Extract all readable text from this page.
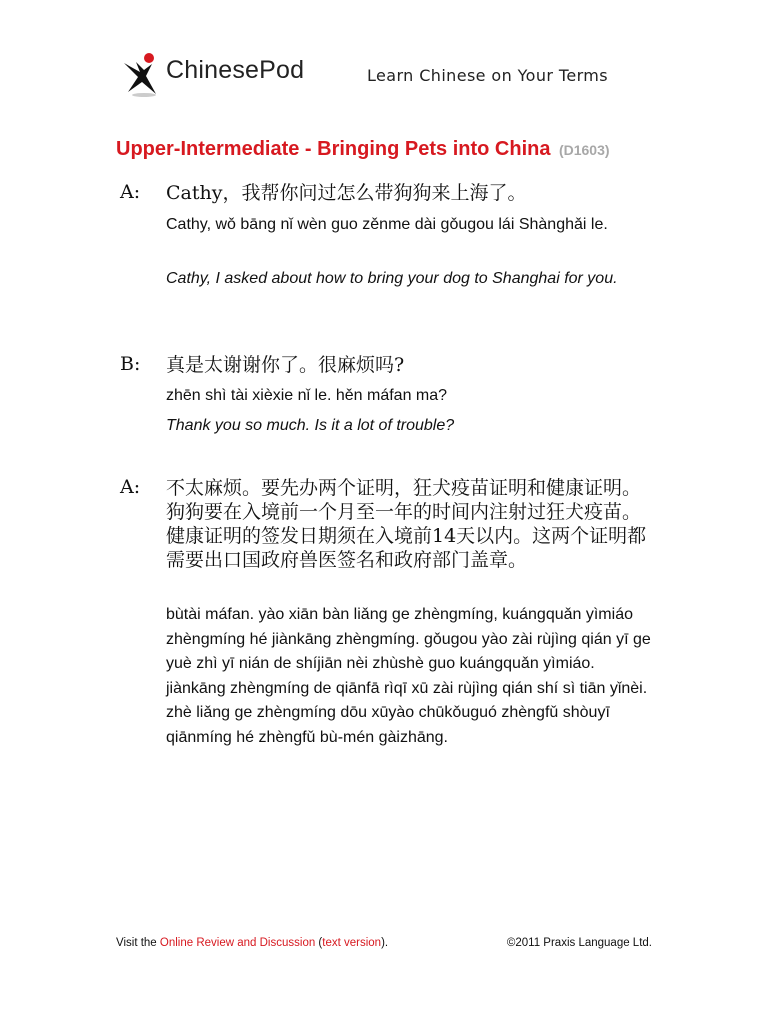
ChinesePod	Learn Chinese on Your Terms
Upper-Intermediate - Bringing Pets into China (D1603)
A: Cathy，我帮你问过怎么带狗狗来上海了。
Cathy, wǒ bāng nǐ wèn guo zěnme dài gǒugou lái Shànghǎi le.
Cathy, I asked about how to bring your dog to Shanghai for you.
B: 真是太谢谢你了。很麻烦吗?
zhēn shì tài xièxie nǐ le. hěn máfan ma?
Thank you so much. Is it a lot of trouble?
A: 不太麻烦。要先办两个证明，狂犬疫苗证明和健康证明。狗狗要在入境前一个月至一年的时间内注射过狂犬疫苗。健康证明的签发日期须在入境前14天以内。这两个证明都需要出口国政府兽医签名和政府部门盖章。
bùtài máfan. yào xiān bàn liǎng ge zhèngmíng, kuángquǎn yìmiáo zhèngmíng hé jiànkāng zhèngmíng. gǒugou yào zài rùjìng qián yī ge yuè zhì yī nián de shíjiān nèi zhùshè guo kuángquǎn yìmiáo. jiànkāng zhèngmíng de qiānfā rìqī xū zài rùjìng qián shí sì tiān yǐnèi. zhè liǎng ge zhèngmíng dōu xūyào chūkǒuguó zhèngfǔ shòuyī qiānmíng hé zhèngfǔ bù-mén gàizhāng.
Visit the Online Review and Discussion (text version).	©2011 Praxis Language Ltd.
